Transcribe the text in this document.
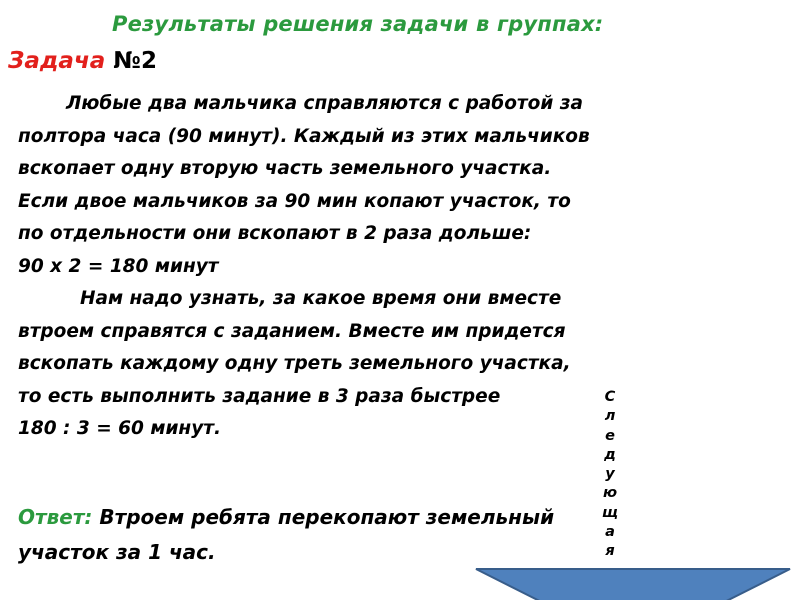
Результаты решения задачи в группах:
Задача №2
Любые два мальчика справляются с работой за
полтора часа (90 минут). Каждый из этих мальчиков
вскопает одну вторую часть земельного участка.
Если двое мальчиков за 90 мин копают участок, то
по отдельности они вскопают в 2 раза дольше:
90 х 2 = 180 минут
Нам надо узнать, за какое время они вместе
втроем справятся с заданием. Вместе им придется
вскопать каждому одну треть земельного участка,
то есть выполнить задание в 3 раза быстрее
180 : 3 = 60 минут.
Ответ: Втроем ребята перекопают земельный
участок за 1 час.
С
л
е
д
у
ю
щ
а
я
